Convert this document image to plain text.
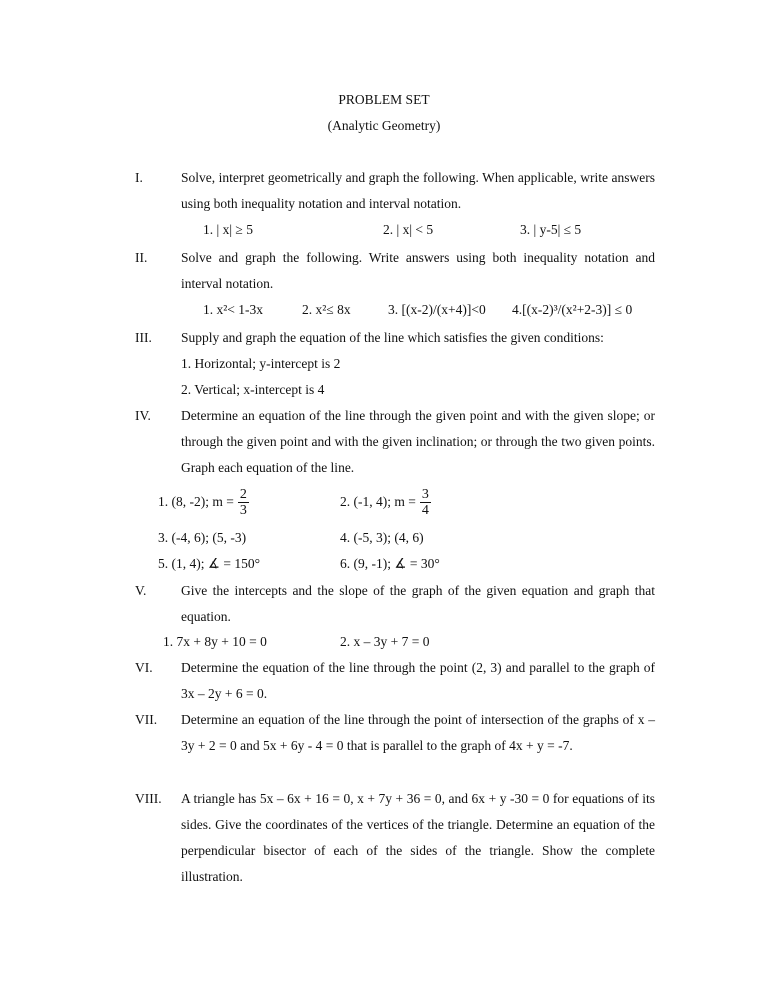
PROBLEM SET
(Analytic Geometry)
I.	Solve, interpret geometrically and graph the following. When applicable, write answers using both inequality notation and interval notation.
1. | x| ≥ 5	2. | x| < 5	3. | y-5| ≤ 5
II. Solve and graph the following. Write answers using both inequality notation and interval notation.
1. x²< 1-3x	2. x²≤ 8x	3. [(x-2)/(x+4)]<0 4.[(x-2)³/(x²+2-3)] ≤ 0
III. Supply and graph the equation of the line which satisfies the given conditions:
1. Horizontal; y-intercept is 2
2. Vertical; x-intercept is 4
IV. Determine an equation of the line through the given point and with the given slope; or through the given point and with the given inclination; or through the two given points. Graph each equation of the line.
1. (8, -2); $m = \frac{2}{3}$	2. (-1, 4); $m = \frac{3}{4}$
3. (-4, 6); (5, -3)	4. (-5, 3); (4, 6)
5. (1, 4); ∡ = 150°	6. (9, -1); ∡ = 30°
V.	Give the intercepts and the slope of the graph of the given equation and graph that equation.
1. 7x + 8y + 10 = 0	2. x – 3y + 7 = 0
VI. Determine the equation of the line through the point (2, 3) and parallel to the graph of 3x – 2y + 6 = 0.
VII. Determine an equation of the line through the point of intersection of the graphs of x – 3y + 2 = 0 and 5x + 6y - 4 = 0 that is parallel to the graph of 4x + y = -7.
VIII. A triangle has 5x – 6x + 16 = 0, x + 7y + 36 = 0, and 6x + y -30 = 0 for equations of its sides. Give the coordinates of the vertices of the triangle. Determine an equation of the perpendicular bisector of each of the sides of the triangle. Show the complete illustration.
